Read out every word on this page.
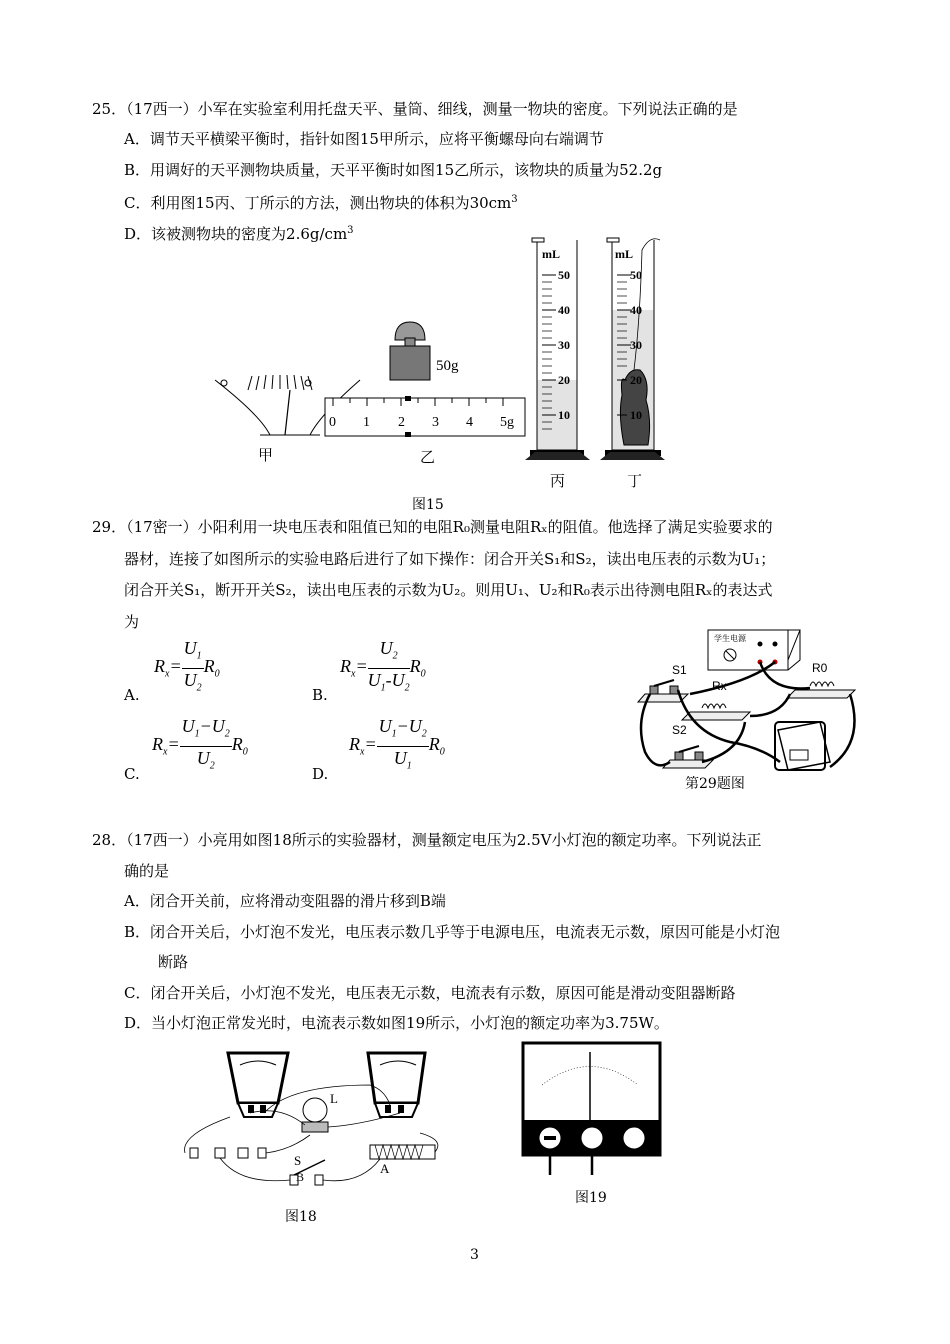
25．（17西一）小军在实验室利用托盘天平、量筒、细线，测量一物块的密度。下列说法正确的是
A．调节天平横梁平衡时，指针如图15甲所示，应将平衡螺母向右端调节
B．用调好的天平测物块质量，天平平衡时如图15乙所示，该物块的质量为52.2g
C．利用图15丙、丁所示的方法，测出物块的体积为$30cm^3$
D．该被测物块的密度为$2.6g/cm^3$
甲
50g
0 1 2 3 4 5g
乙
mL
50
40
30
20
10
丙
mL
50
40
30
20
10
丁
图15
29．（17密一）小阳利用一块电压表和阻值已知的电阻R₀测量电阻Rₓ的阻值。他选择了满足实验要求的
器材，连接了如图所示的实验电路后进行了如下操作：闭合开关S₁和S₂，读出电压表的示数为U₁；
闭合开关S₁，断开开关S₂，读出电压表的示数为U₂。则用U₁、U₂和R₀表示出待测电阻Rₓ的表达式
为
$R_x= \frac{U_1}{U_2} R_0$
A.
$R_x= \frac{U_2}{U_1-U_2} R_0$
B.
$R_x= \frac{U_1-U_2}{U_2} R_0$
C.
$R_x= \frac{U_1-U_2}{U_1} R_0$
D.
学生电源
S1
Rx
R0
S2
第29题图
28．（17西一）小亮用如图18所示的实验器材，测量额定电压为2.5V小灯泡的额定功率。下列说法正
确的是
A．闭合开关前，应将滑动变阻器的滑片移到B端
B．闭合开关后，小灯泡不发光，电压表示数几乎等于电源电压，电流表无示数，原因可能是小灯泡
断路
C．闭合开关后，小灯泡不发光，电压表无示数，电流表有示数，原因可能是滑动变阻器断路
D．当小灯泡正常发光时，电流表示数如图19所示，小灯泡的额定功率为3.75W。
L
A
S
B
图18
图19
3
